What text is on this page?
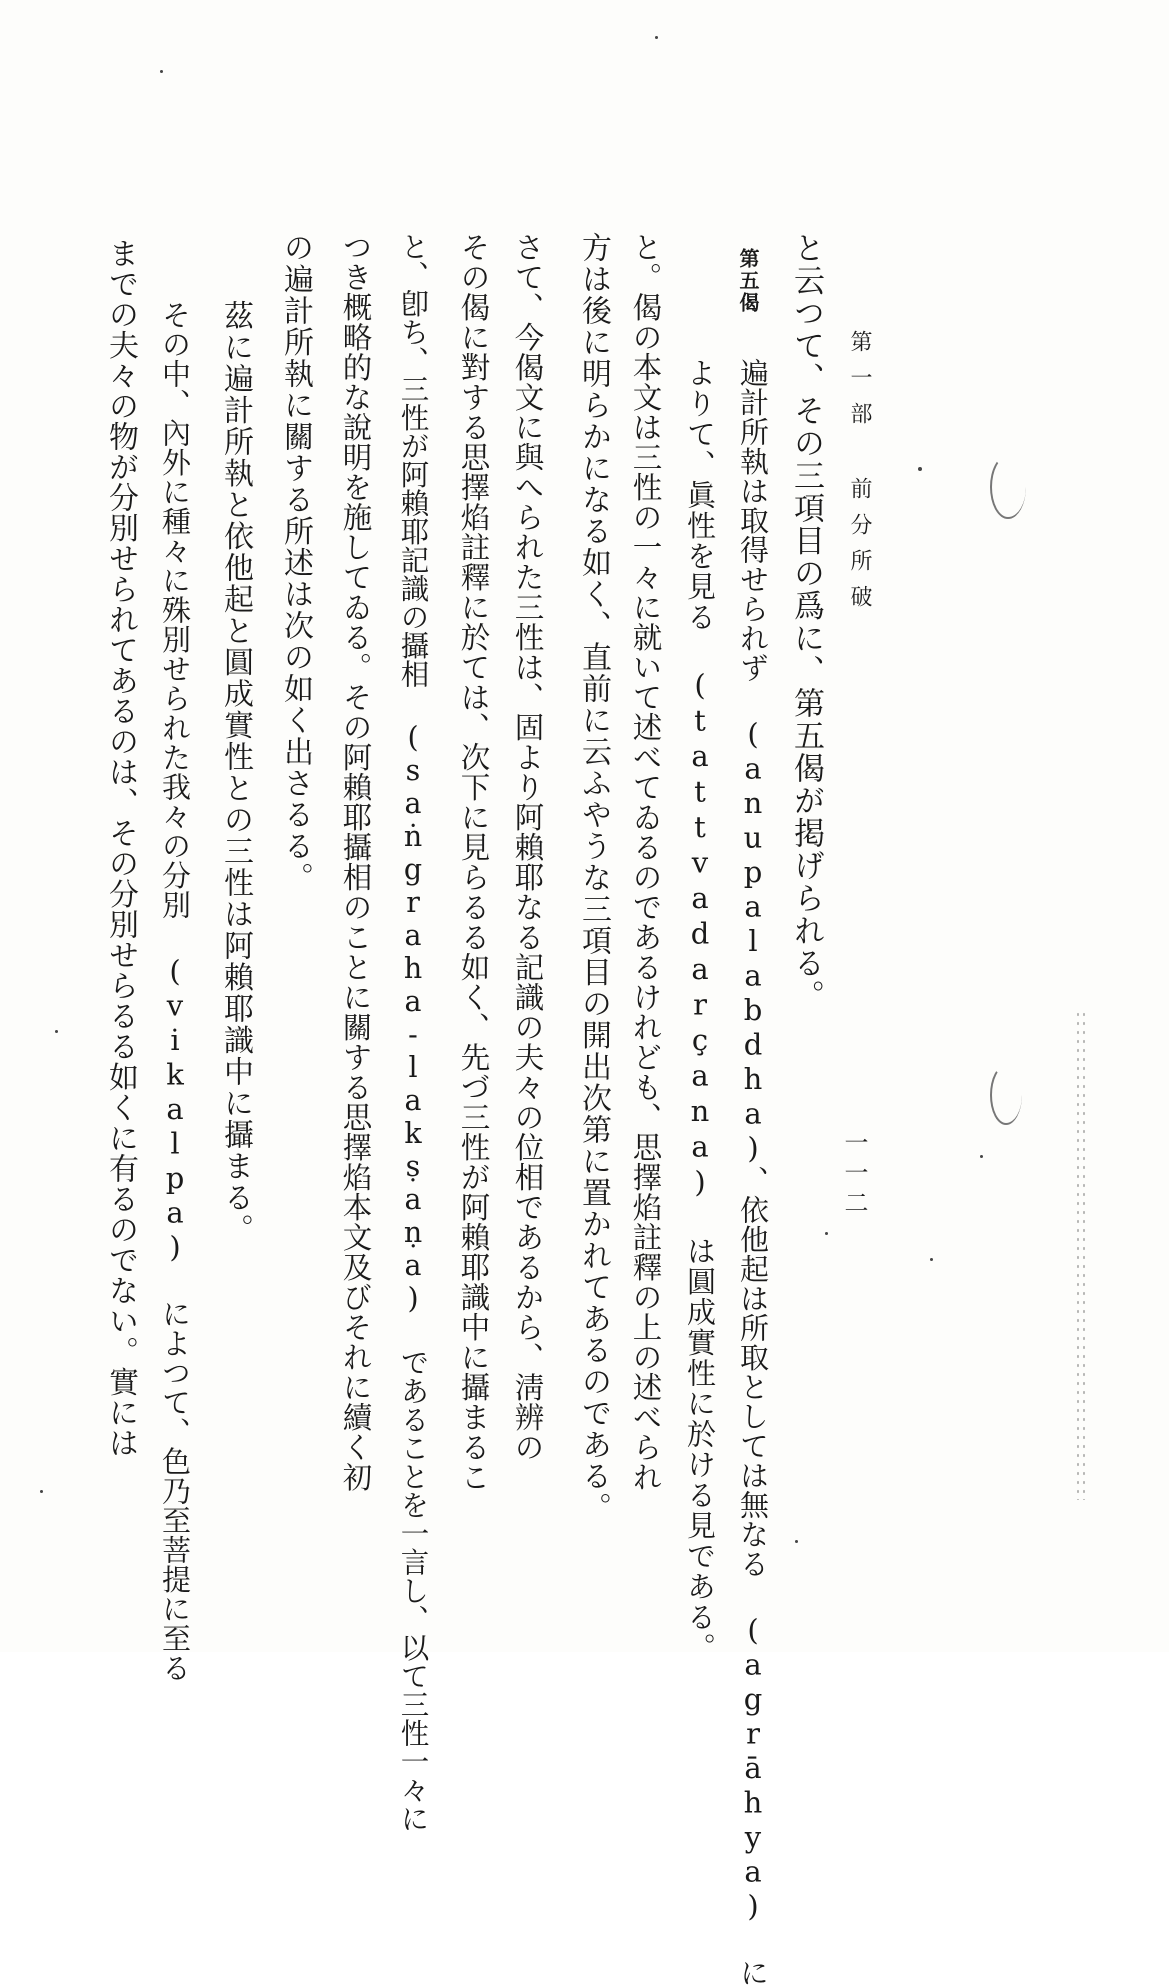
第一部 前分所破
一一二
第五偈 と云つて、その三項目の爲に、第五偈が掲げられる。
遍計所執は取得せられず (anupalabdha)、依他起は所取としては無なる (agrāhya) に
よりて、眞性を見る (tattvadarçana) は圓成實性に於ける見である。
と。偈の本文は三性の一々に就いて述べてゐるのであるけれども、思擇焰註釋の上の述べられ
方は後に明らかになる如く、直前に云ふやうな三項目の開出次第に置かれてあるのである。
さて、今偈文に與へられた三性は、固より阿賴耶なる記識の夫々の位相であるから、淸辨の
その偈に對する思擇焰註釋に於ては、次下に見らるる如く、先づ三性が阿賴耶識中に攝まるこ
と、卽ち、三性が阿賴耶記識の攝相 (saṅgraha-lakṣaṇa) であることを一言し、以て三性一々に
つき概略的な說明を施してゐる。その阿賴耶攝相のことに關する思擇焰本文及びそれに續く初
の遍計所執に關する所述は次の如く出さるる。
茲に遍計所執と依他起と圓成實性との三性は阿賴耶識中に攝まる。
その中、內外に種々に殊別せられた我々の分別 (vikalpa) によつて、色乃至菩提に至る
までの夫々の物が分別せられてあるのは、その分別せらるる如くに有るのでない。實には
